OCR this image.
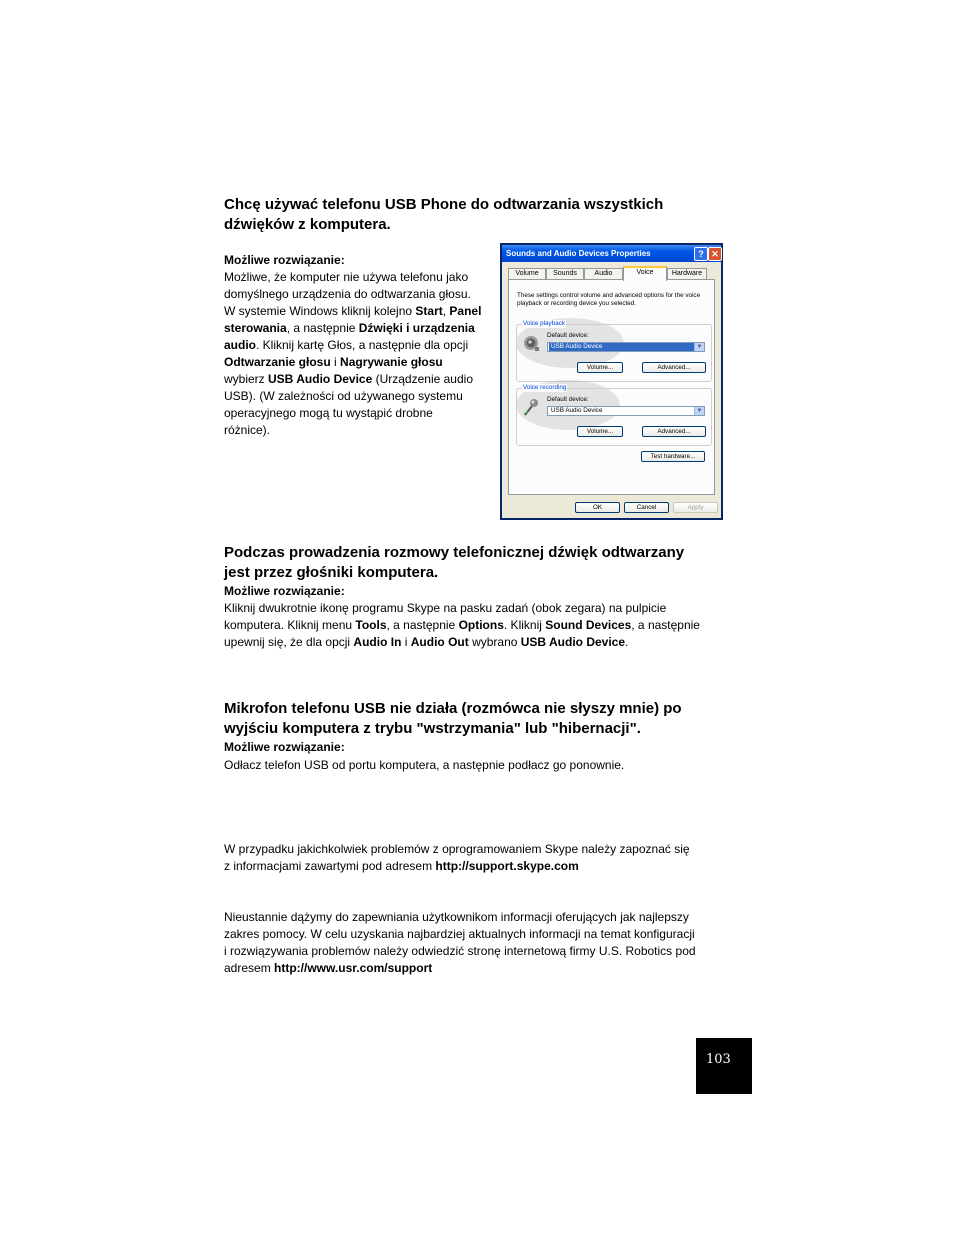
Chcę używać telefonu USB Phone do odtwarzania wszystkich
dźwięków z komputera.
Możliwe rozwiązanie:

Możliwe, że komputer nie używa telefonu jako
domyślnego urządzenia do odtwarzania głosu.
W systemie Windows kliknij kolejno Start, Panel
sterowania, a następnie Dźwięki i urządzenia
audio. Kliknij kartę Głos, a następnie dla opcji
Odtwarzanie głosu i Nagrywanie głosu
wybierz USB Audio Device (Urządzenie audio
USB). (W zależności od używanego systemu
operacyjnego mogą tu wystąpić drobne
różnice).

Sounds and Audio Devices Properties	? ✕
Volume	Sounds	Audio	Voice	Hardware
These settings control volume and advanced options for the voice playback or recording device you selected.
Voice playback
Default device:
USB Audio Device	▼
Volume...	Advanced...
Voice recording
Default device:
USB Audio Device	▼
Volume...	Advanced...
Test hardware...
OK	Cancel	Apply
Podczas prowadzenia rozmowy telefonicznej dźwięk odtwarzany
jest przez głośniki komputera.
Możliwe rozwiązanie:

Kliknij dwukrotnie ikonę programu Skype na pasku zadań (obok zegara) na pulpicie
komputera. Kliknij menu Tools, a następnie Options. Kliknij Sound Devices, a następnie
upewnij się, że dla opcji Audio In i Audio Out wybrano USB Audio Device.

Mikrofon telefonu USB nie działa (rozmówca nie słyszy mnie) po
wyjściu komputera z trybu "wstrzymania" lub "hibernacji".
Możliwe rozwiązanie:

Odłacz telefon USB od portu komputera, a następnie podłacz go ponownie.

W przypadku jakichkolwiek problemów z oprogramowaniem Skype należy zapoznać się
z informacjami zawartymi pod adresem http://support.skype.com

Nieustannie dążymy do zapewniania użytkownikom informacji oferujących jak najlepszy
zakres pomocy. W celu uzyskania najbardziej aktualnych informacji na temat konfiguracji
i rozwiązywania problemów należy odwiedzić stronę internetową firmy U.S. Robotics pod
adresem http://www.usr.com/support

103
